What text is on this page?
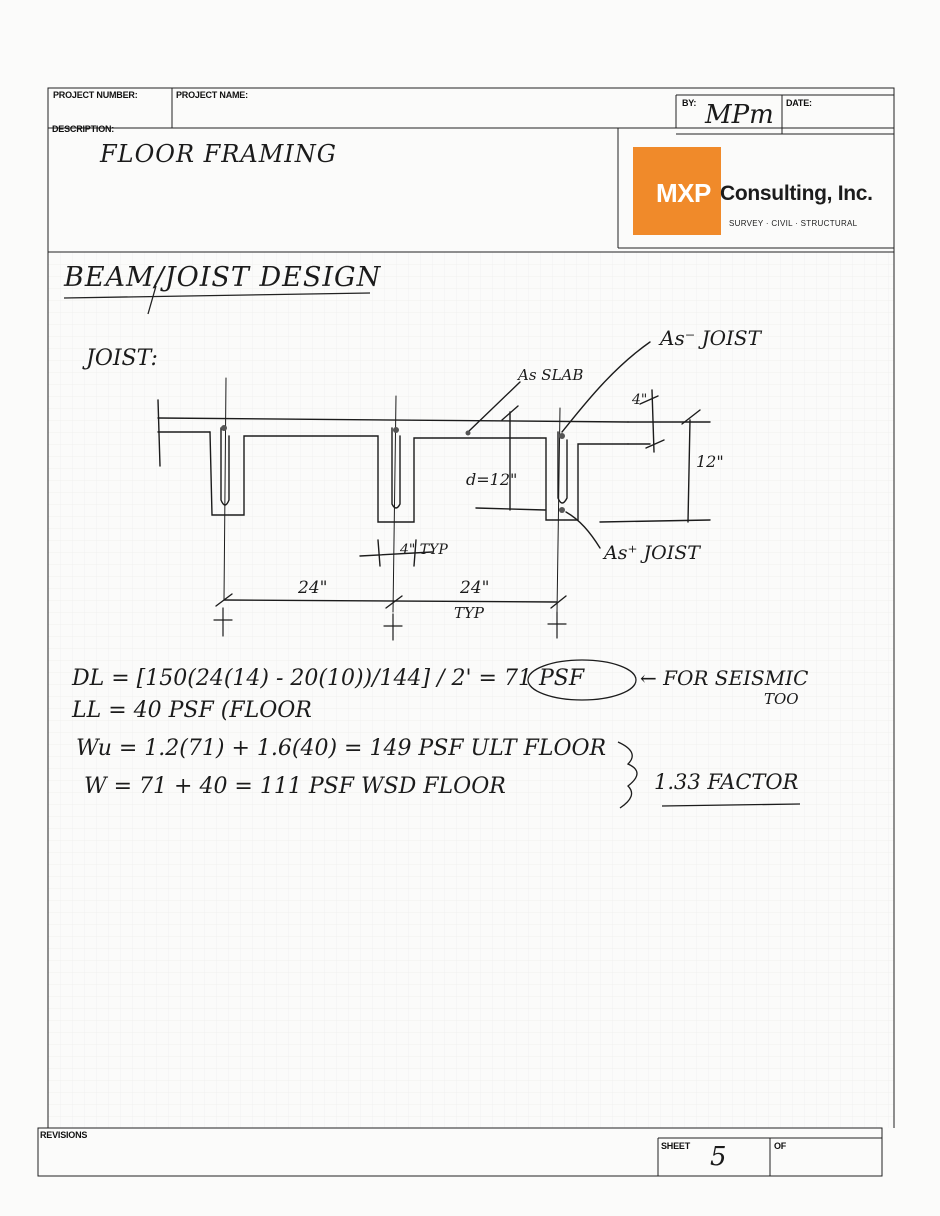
PROJECT NUMBER:	PROJECT NAME:
BY: MPm DATE:
DESCRIPTION:
FLOOR FRAMING
MXP Consulting, Inc.
SURVEY · CIVIL · STRUCTURAL
BEAM/JOIST DESIGN
JOIST:
As⁻ JOIST
As SLAB
4"
d=12"
12"
As⁺ JOIST
4" TYP
24"	24"
TYP
DL = [150(24(14) - 20(10))/144] / 2' = 71 PSF	← FOR SEISMIC
TOO
LL = 40 PSF (FLOOR
Wu = 1.2(71) + 1.6(40) = 149 PSF ULT FLOOR
W = 71 + 40 = 111 PSF WSD FLOOR	1.33 FACTOR
REVISIONS
SHEET 5	OF
